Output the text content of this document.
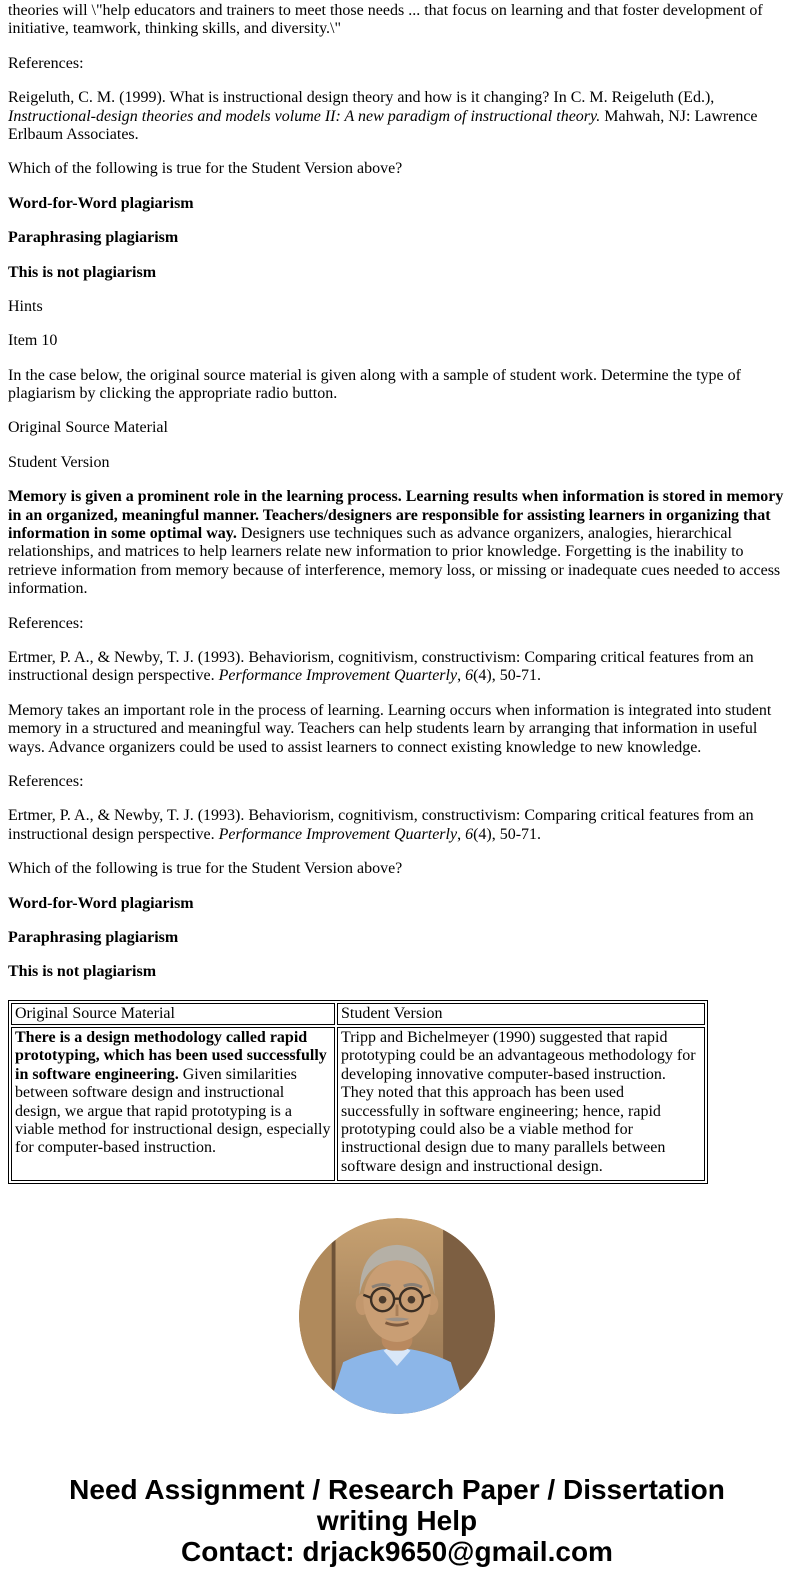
theories will \"help educators and trainers to meet those needs ... that focus on learning and that foster development of initiative, teamwork, thinking skills, and diversity.\"

References:

Reigeluth, C. M. (1999). What is instructional design theory and how is it changing? In C. M. Reigeluth (Ed.), Instructional-design theories and models volume II: A new paradigm of instructional theory. Mahwah, NJ: Lawrence Erlbaum Associates.

Which of the following is true for the Student Version above?

Word-for-Word plagiarism

Paraphrasing plagiarism

This is not plagiarism

Hints

Item 10

In the case below, the original source material is given along with a sample of student work. Determine the type of plagiarism by clicking the appropriate radio button.

Original Source Material

Student Version

Memory is given a prominent role in the learning process. Learning results when information is stored in memory in an organized, meaningful manner. Teachers/designers are responsible for assisting learners in organizing that information in some optimal way. Designers use techniques such as advance organizers, analogies, hierarchical relationships, and matrices to help learners relate new information to prior knowledge. Forgetting is the inability to retrieve information from memory because of interference, memory loss, or missing or inadequate cues needed to access information.

References:

Ertmer, P. A., & Newby, T. J. (1993). Behaviorism, cognitivism, constructivism: Comparing critical features from an instructional design perspective. Performance Improvement Quarterly, 6(4), 50-71.

Memory takes an important role in the process of learning. Learning occurs when information is integrated into student memory in a structured and meaningful way. Teachers can help students learn by arranging that information in useful ways. Advance organizers could be used to assist learners to connect existing knowledge to new knowledge.

References:

Ertmer, P. A., & Newby, T. J. (1993). Behaviorism, cognitivism, constructivism: Comparing critical features from an instructional design perspective. Performance Improvement Quarterly, 6(4), 50-71.

Which of the following is true for the Student Version above?

Word-for-Word plagiarism

Paraphrasing plagiarism

This is not plagiarism

Original Source Material	Student Version
There is a design methodology called rapid prototyping, which has been used successfully in software engineering. Given similarities between software design and instructional design, we argue that rapid prototyping is a viable method for instructional design, especially for computer-based instruction.	Tripp and Bichelmeyer (1990) suggested that rapid prototyping could be an advantageous methodology for developing innovative computer-based instruction. They noted that this approach has been used successfully in software engineering; hence, rapid prototyping could also be a viable method for instructional design due to many parallels between software design and instructional design.
Need Assignment / Research Paper / Dissertation writing Help
Contact: drjack9650@gmail.com
